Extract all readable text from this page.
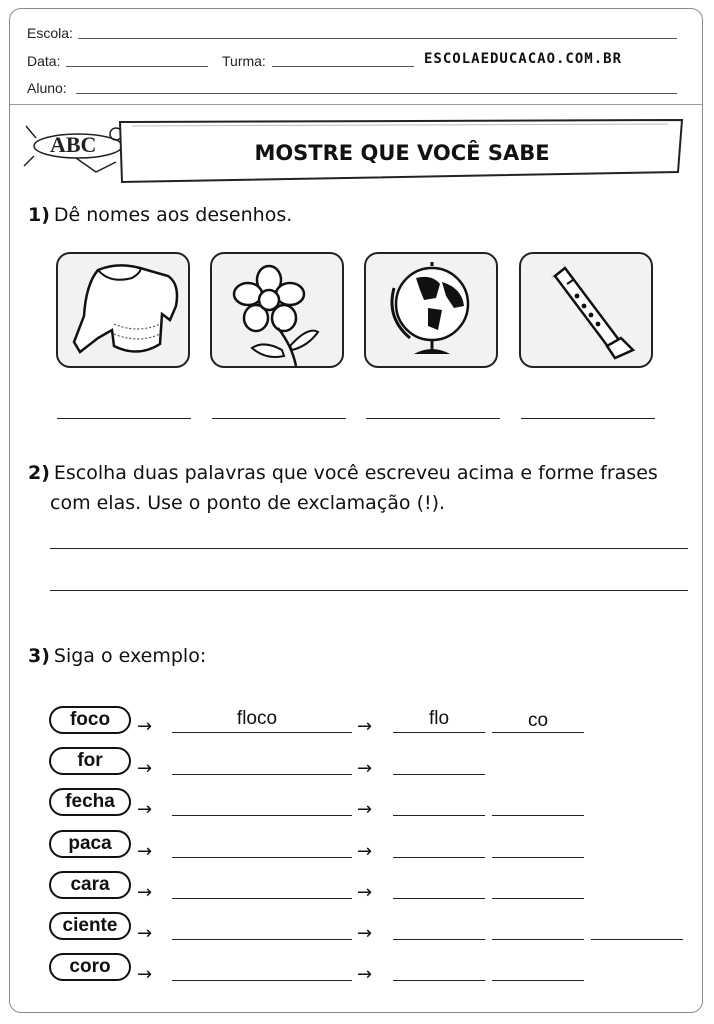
Escola:
Data:	Turma:	ESCOLAEDUCACAO.COM.BR
Aluno:
ABC	MOSTRE QUE VOCÊ SABE
1) Dê nomes aos desenhos.
2) Escolha duas palavras que você escreveu acima e forme frases
com elas. Use o ponto de exclamação (!).
3) Siga o exemplo:
foco	→	floco	→	flo	co
for	→	→
fecha	→	→
paca	→	→
cara	→	→
ciente	→	→
coro	→	→
